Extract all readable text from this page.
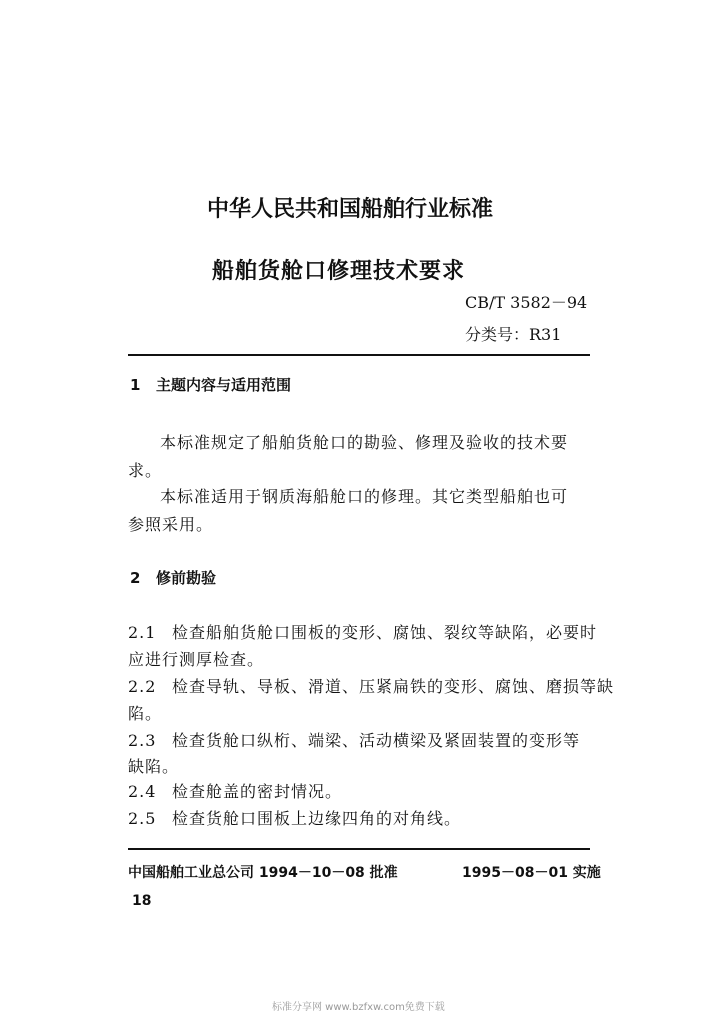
中华人民共和国船舶行业标准
船舶货舱口修理技术要求
CB/T 3582－94
分类号：R31
1 主题内容与适用范围
本标准规定了船舶货舱口的勘验、修理及验收的技术要
求。
本标准适用于钢质海船舱口的修理。其它类型船舶也可
参照采用。
2 修前勘验
2.1 检查船舶货舱口围板的变形、腐蚀、裂纹等缺陷，必要时
应进行测厚检查。
2.2 检查导轨、导板、滑道、压紧扁铁的变形、腐蚀、磨损等缺
陷。
2.3 检查货舱口纵桁、端梁、活动横梁及紧固装置的变形等
缺陷。
2.4 检查舱盖的密封情况。
2.5 检查货舱口围板上边缘四角的对角线。
中国船舶工业总公司 1994－10－08 批准	1995－08－01 实施
18
标准分享网 www.bzfxw.com免费下载
